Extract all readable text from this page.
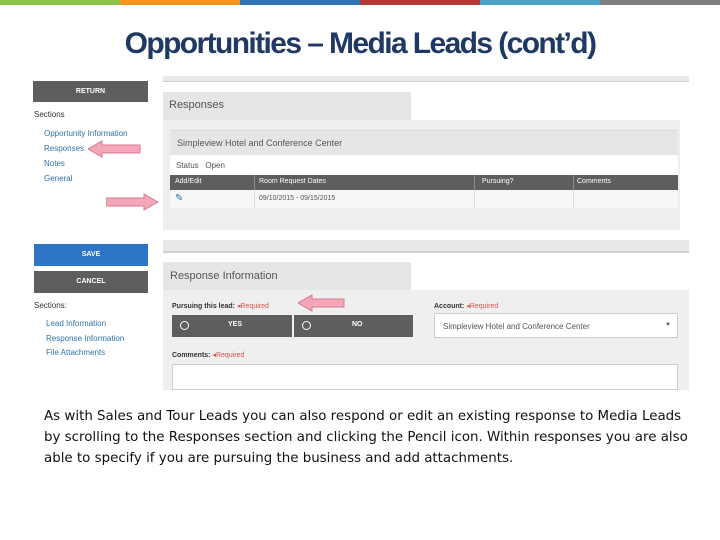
Opportunities – Media Leads (cont’d)
RETURN
Sections
Opportunity Information
Responses
Notes
General
Responses
Simpleview Hotel and Conference Center
Status Open
Add/Edit	Room Request Dates	Pursuing?	Comments
✎	09/10/2015 - 09/15/2015
SAVE
CANCEL
Sections:
Lead Information
Response Information
File Attachments
Response Information
Pursuing this lead: ◂Required	Account: ◂Required
YES	NO	Simpleview Hotel and Conference Center	▼
Comments: ◂Required
As with Sales and Tour Leads you can also respond or edit an existing response to Media Leads by scrolling to the Responses section and clicking the Pencil icon. Within responses you are also able to specify if you are pursuing the business and add attachments.
